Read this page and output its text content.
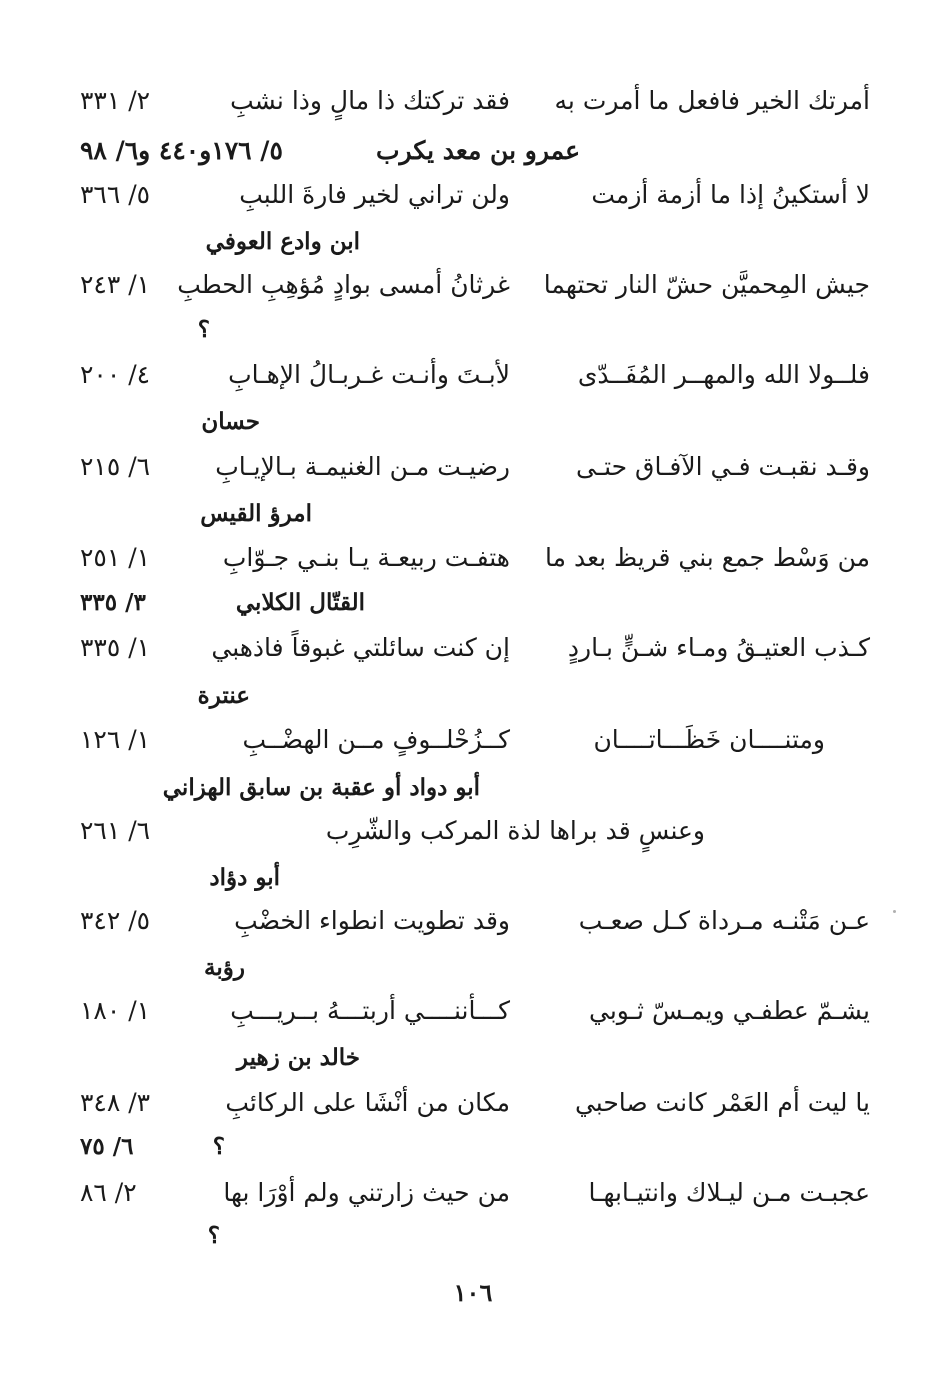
أمرتك الخير فافعل ما أمرت به
فقد تركتك ذا مالٍ وذا نشبِ
٢/ ٣٣١
عمرو بن معد يكرب
٥/ ١٧٦و٤٤٠ و٦/ ٩٨
لا أستكينُ إذا ما أزمة أزمت
ولن تراني لخير فارةَ اللببِ
٥/ ٣٦٦
ابن وادع العوفي
جيش المِحميَّن حشّ النار تحتهما
غرثانُ أمسى بوادٍ مُؤهِبِ الحطبِ
١/ ٢٤٣
؟
فلــولا الله والمهــر المُفَــدّى
لأبـتَ وأنـت غـربـالُ الإهـابِ
٤/ ٢٠٠
حسان
وقـد نقبـت فـي الآفـاق حتـى
رضيـت مـن الغنيمـة بـالإيـابِ
٦/ ٢١٥
امرؤ القيس
من وَسْط جمع بني قريظ بعد ما
هتفـت ربيعـة يـا بنـي جـوّابِ
١/ ٢٥١
القتّال الكلابي
٣/ ٣٣٥
كـذب العتيـقُ ومـاء شـنٍّ بـاردٍ
إن كنت سائلتي غبوقاً فاذهبي
١/ ٣٣٥
عنترة
ومتنــــان خَظَـــاتــــان
كــزُحْلــوفٍ مــن الهضْــبِ
١/ ١٢٦
أبو دواد أو عقبة بن سابق الهزاني
وعنسٍ قد براها لذة المركب والشّرِب
٦/ ٢٦١
أبو دؤاد
عـن مَتْنـه مـرداة كـل صعـب
وقد تطويت انطواء الخضْبِ
٥/ ٣٤٢
رؤبة
يشـمّ عطفـي ويمـسّ ثـوبي
كـــأننــــي أربتـــهُ بــريـــبِ
١/ ١٨٠
خالد بن زهير
يا ليت أم العَمْر كانت صاحبي
مكان من أنْشَا على الركائبِ
٣/ ٣٤٨
؟
٦/ ٧٥
عجبـت مـن ليـلاك وانتيـابهـا
من حيث زارتني ولم أوْرَا بها
٢/ ٨٦
؟
١٠٦
